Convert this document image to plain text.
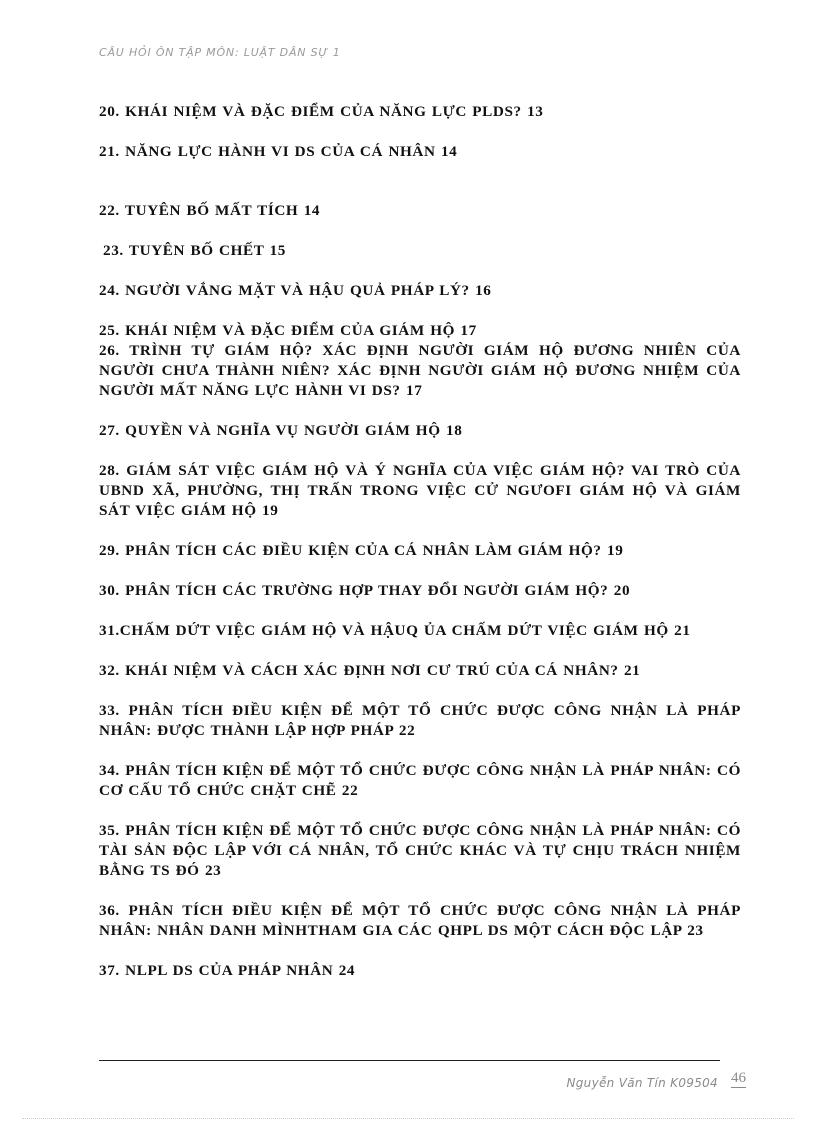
CÂU HỎI ÔN TẬP MÔN: LUẬT DÂN SỰ 1
20. KHÁI NIỆM VÀ ĐẶC ĐIỂM CỦA NĂNG LỰC PLDS? 13
21. NĂNG LỰC HÀNH VI DS CỦA CÁ NHÂN 14
22. TUYÊN BỐ MẤT TÍCH 14
23. TUYÊN BỐ CHẾT 15
24. NGƯỜI VẮNG MẶT VÀ HẬU QUẢ PHÁP LÝ? 16
25. KHÁI NIỆM VÀ ĐẶC ĐIỂM CỦA GIÁM HỘ 17
26. TRÌNH TỰ GIÁM HỘ? XÁC ĐỊNH NGƯỜI GIÁM HỘ ĐƯƠNG NHIÊN CỦA NGƯỜI CHƯA THÀNH NIÊN? XÁC ĐỊNH NGƯỜI GIÁM HỘ ĐƯƠNG NHIỆM CỦA NGƯỜI MẤT NĂNG LỰC HÀNH VI DS? 17
27. QUYỀN VÀ NGHĨA VỤ NGƯỜI GIÁM HỘ 18
28. GIÁM SÁT VIỆC GIÁM HỘ VÀ Ý NGHĨA CỦA VIỆC GIÁM HỘ? VAI TRÒ CỦA UBND XÃ, PHƯỜNG, THỊ TRẤN TRONG VIỆC CỬ NGƯOFI GIÁM HỘ VÀ GIÁM SÁT VIỆC GIÁM HỘ 19
29. PHÂN TÍCH CÁC ĐIỀU KIỆN CỦA CÁ NHÂN LÀM GIÁM HỘ? 19
30. PHÂN TÍCH CÁC TRƯỜNG HỢP THAY ĐỔI NGƯỜI GIÁM HỘ? 20
31.CHẤM DỨT VIỆC GIÁM HỘ VÀ HẬUQ ỦA CHẤM DỨT VIỆC GIÁM HỘ 21
32. KHÁI NIỆM VÀ CÁCH XÁC ĐỊNH NƠI CƯ TRÚ CỦA CÁ NHÂN? 21
33. PHÂN TÍCH ĐIỀU KIỆN ĐỂ MỘT TỔ CHỨC ĐƯỢC CÔNG NHẬN LÀ PHÁP NHÂN: ĐƯỢC THÀNH LẬP HỢP PHÁP 22
34. PHÂN TÍCH KIỆN ĐỂ MỘT TỔ CHỨC ĐƯỢC CÔNG NHẬN LÀ PHÁP NHÂN: CÓ CƠ CẤU TỔ CHỨC CHẶT CHẼ 22
35. PHÂN TÍCH KIỆN ĐỂ MỘT TỔ CHỨC ĐƯỢC CÔNG NHẬN LÀ PHÁP NHÂN: CÓ TÀI SẢN ĐỘC LẬP VỚI CÁ NHÂN, TỔ CHỨC KHÁC VÀ TỰ CHỊU TRÁCH NHIỆM BẰNG TS ĐÓ 23
36. PHÂN TÍCH ĐIỀU KIỆN ĐỂ MỘT TỔ CHỨC ĐƯỢC CÔNG NHẬN LÀ PHÁP NHÂN: NHÂN DANH MÌNHTHAM GIA CÁC QHPL DS MỘT CÁCH ĐỘC LẬP 23
37. NLPL DS CỦA PHÁP NHÂN 24
Nguyễn Văn Tín K09504 46
